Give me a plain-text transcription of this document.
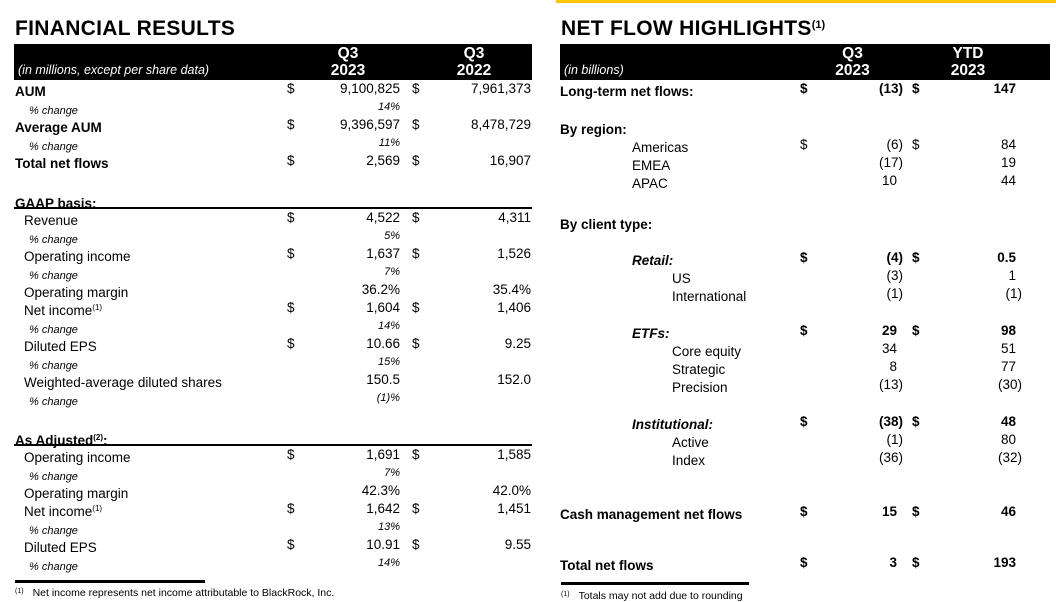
FINANCIAL RESULTS
(in millions, except per share data)
Q3
2023
Q3
2022
AUM	$	9,100,825 $	7,961,373
% change	14%
Average AUM	$	9,396,597 $	8,478,729
% change	11%
Total net flows	$	2,569 $	16,907
GAAP basis:
Revenue	$	4,522 $	4,311
% change	5%
Operating income	$	1,637 $	1,526
% change	7%
Operating margin	36.2%	35.4%
Net income$^{(1)}$	$	1,604 $	1,406
% change	14%
Diluted EPS	$	10.66 $	9.25
% change	15%
Weighted-average diluted shares	150.5	152.0
% change	(1)%
As Adjusted$^{(2)}$:
Operating income	$	1,691 $	1,585
% change	7%
Operating margin	42.3%	42.0%
Net income$^{(1)}$	$	1,642 $	1,451
% change	13%
Diluted EPS	$	10.91 $	9.55
% change	14%
$^{(1)}$ Net income represents net income attributable to BlackRock, Inc.
NET FLOW HIGHLIGHTS$^{(1)}$
(in billions)
Q3
2023
YTD
2023
Long-term net flows:	$	(13) $	147
By region:
Americas	$	(6) $	84
EMEA	(17)	19
APAC	10	44
By client type:
Retail:	$	(4) $	0.5
US	(3)	1
International	(1)	(1)
ETFs:	$	29	$	98
Core equity	34	51
Strategic	8	77
Precision	(13)	(30)
Institutional:	$	(38) $	48
Active	(1)	80
Index	(36)	(32)
Cash management net flows	$	15	$	46
Total net flows	$	3	$	193
$^{(1)}$ Totals may not add due to rounding
